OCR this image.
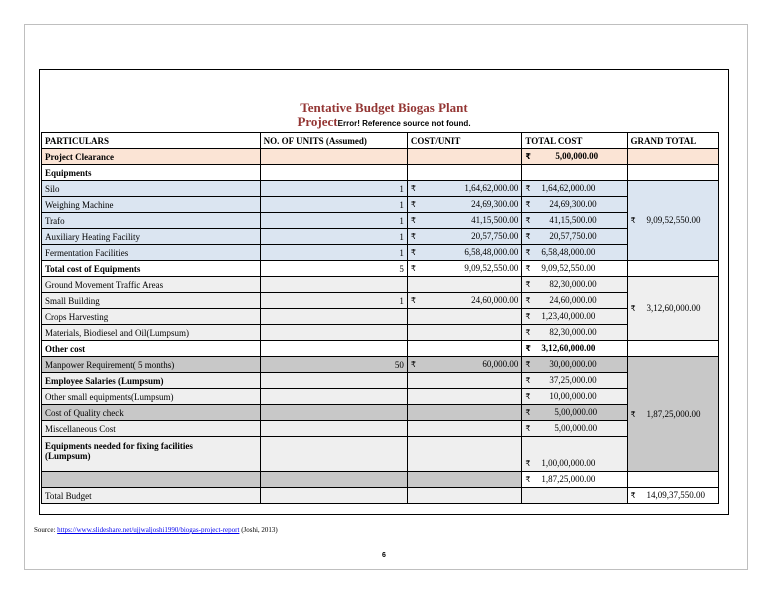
Tentative Budget Biogas Plant
ProjectError! Reference source not found.
PARTICULARS	NO. OF UNITS (Assumed)	COST/UNIT	TOTAL COST	GRAND TOTAL
Project Clearance			₹ 5,00,000.00	
Equipments				
Silo	1	₹ 1,64,62,000.00	₹ 1,64,62,000.00	₹ 9,09,52,550.00
Weighing Machine	1	₹ 24,69,300.00	₹ 24,69,300.00	
Trafo	1	₹ 41,15,500.00	₹ 41,15,500.00	
Auxiliary Heating Facility	1	₹ 20,57,750.00	₹ 20,57,750.00	
Fermentation Facilities	1	₹ 6,58,48,000.00	₹ 6,58,48,000.00	
Total cost of Equipments	5	₹ 9,09,52,550.00	₹ 9,09,52,550.00	
Ground Movement Traffic Areas			₹ 82,30,000.00	₹ 3,12,60,000.00
Small Building	1	₹ 24,60,000.00	₹ 24,60,000.00	
Crops Harvesting			₹ 1,23,40,000.00	
Materials, Biodiesel and Oil(Lumpsum)			₹ 82,30,000.00	
Other cost			₹ 3,12,60,000.00	
Manpower Requirement( 5 months)	50	₹ 60,000.00	₹ 30,00,000.00	₹ 1,87,25,000.00
Employee Salaries (Lumpsum)			₹ 37,25,000.00	
Other small equipments(Lumpsum)			₹ 10,00,000.00	
Cost of Quality check			₹ 5,00,000.00	
Miscellaneous Cost			₹ 5,00,000.00	

Equipments needed for fixing facilities
(Lumpsum)			₹ 1,00,00,000.00	
			₹ 1,87,25,000.00	
Total Budget				₹ 14,09,37,550.00
Source: https://www.slideshare.net/ujjwaljoshi1990/biogas-project-report (Joshi, 2013)
6
